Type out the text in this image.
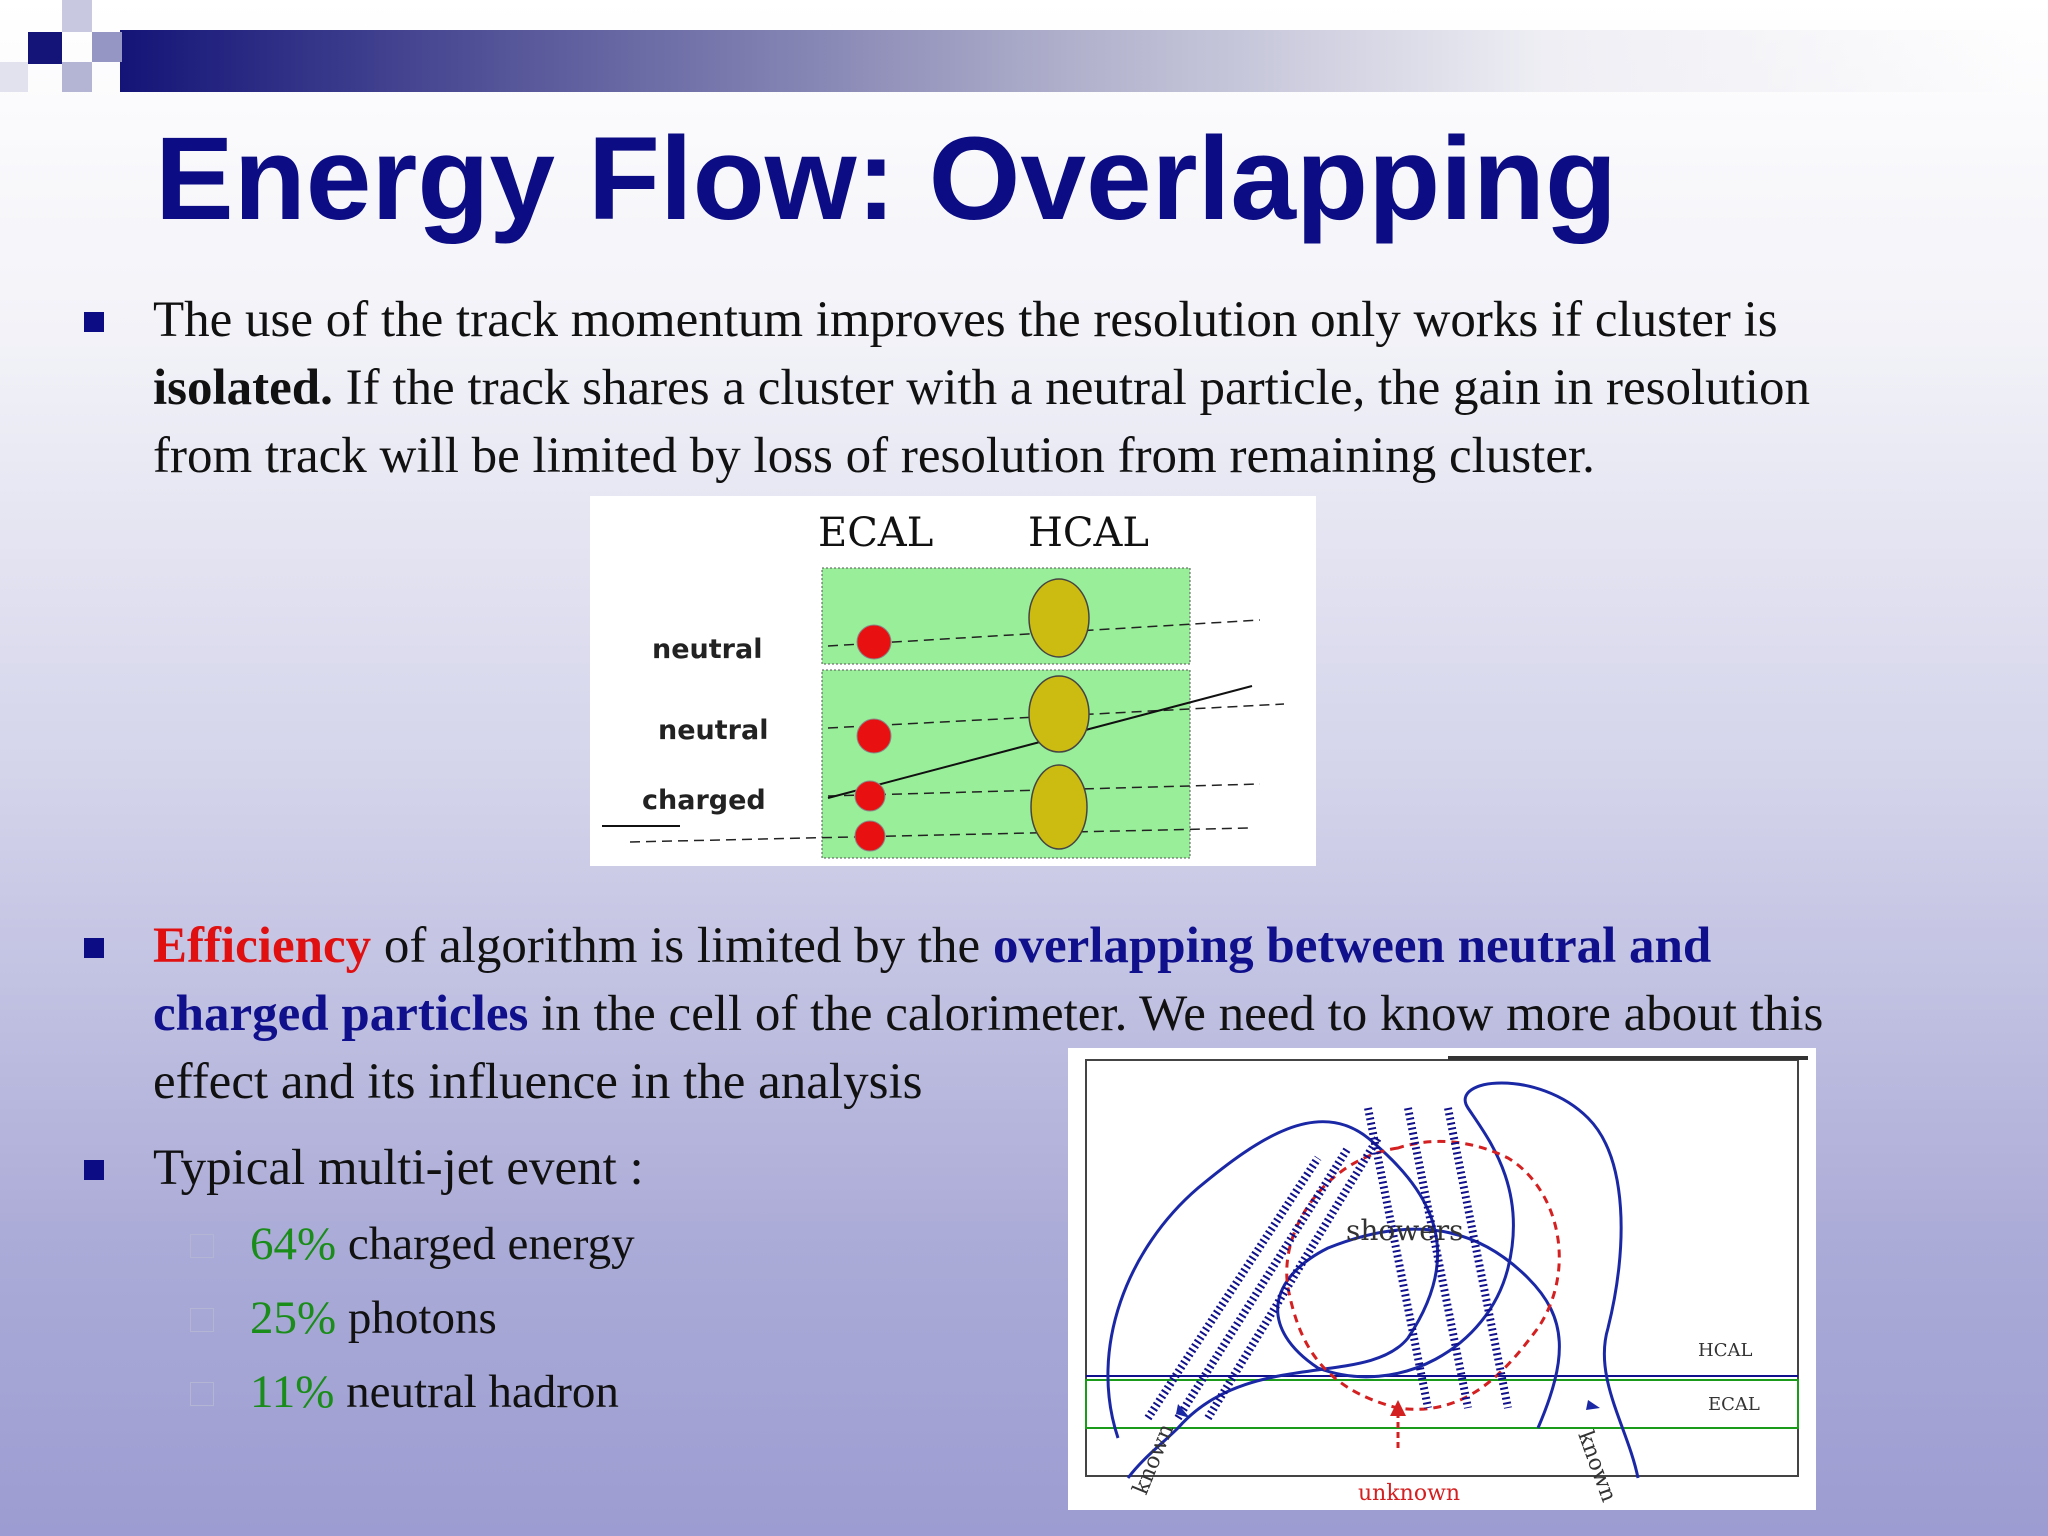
Energy Flow: Overlapping
The use of the track momentum improves the resolution only works if cluster is
isolated. If the track shares a cluster with a neutral particle, the gain in resolution
from track will be limited by loss of resolution from remaining cluster.
ECAL HCAL
neutral
neutral
charged
Efficiency of algorithm is limited by the overlapping between neutral and
charged particles in the cell of the calorimeter. We need to know more about this
effect and its influence in the analysis
Typical multi-jet event :
64% charged energy
25% photons
11% neutral hadron
showers
HCAL
ECAL
known	known
unknown
